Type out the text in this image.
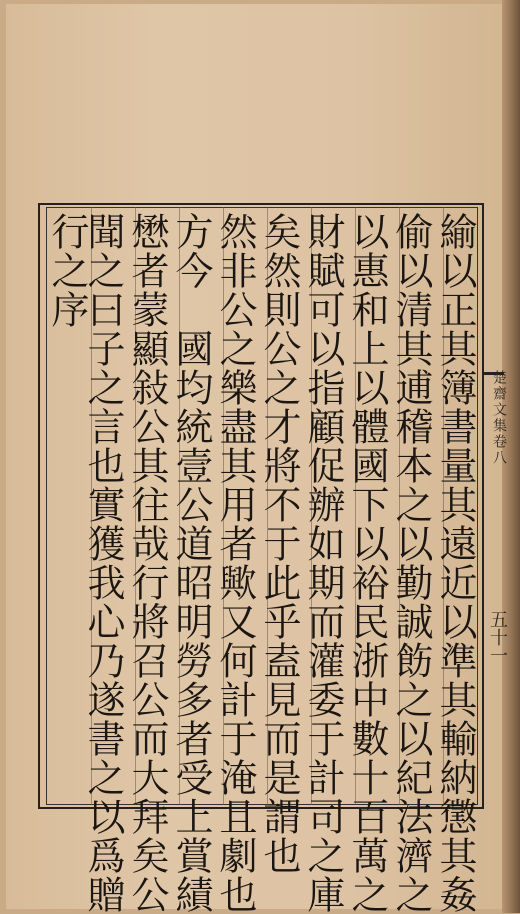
緰以正其簿書量其遠近以準其輸納懲其姦
偷以清其逋稽本之以勤誠飭之以紀法濟之
以惠和上以體國下以裕民浙中數十百萬之
財賦可以指顧促辦如期而灌委于計司之庫
矣然則公之才將不于此乎盍見而是謂也
然非公之樂盡其用者歟又何計于淹且劇也
方今　國均統壹公道昭明勞多者受上賞績
懋者蒙顯敍公其往哉行將召公而大拜矣公
聞之曰子之言也實獲我心乃遂書之以爲贈
行之序
楚齋文集卷八
五十一
